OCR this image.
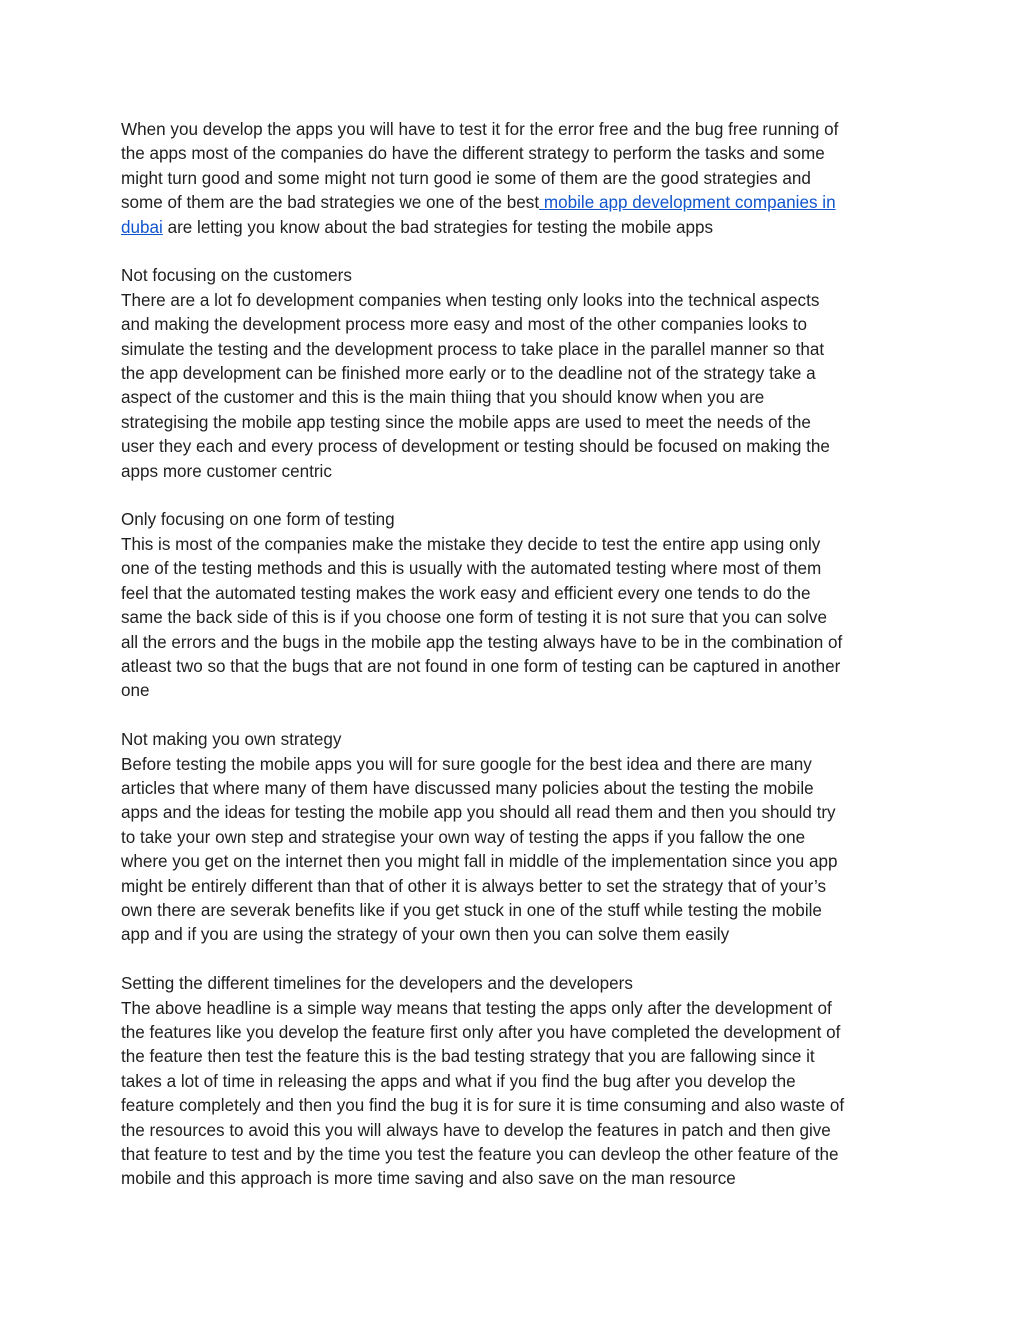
When you develop the apps you will have to test it for the error free and the bug free running of
the apps most of the companies do have the different strategy to perform the tasks and some
might turn good and some might not turn good ie some of them are the good strategies and
some of them are the bad strategies we one of the best mobile app development companies in
dubai are letting you know about the bad strategies for testing the mobile apps
Not focusing on the customers
There are a lot fo development companies when testing only looks into the technical aspects
and making the development process more easy and most of the other companies looks to
simulate the testing and the development process to take place in the parallel manner so that
the app development can be finished more early or to the deadline not of the strategy take a
aspect of the customer and this is the main thiing that you should know when you are
strategising the mobile app testing since the mobile apps are used to meet the needs of the
user they each and every process of development or testing should be focused on making the
apps more customer centric
Only focusing on one form of testing
This is most of the companies make the mistake they decide to test the entire app using only
one of the testing methods and this is usually with the automated testing where most of them
feel that the automated testing makes the work easy and efficient every one tends to do the
same the back side of this is if you choose one form of testing it is not sure that you can solve
all the errors and the bugs in the mobile app the testing always have to be in the combination of
atleast two so that the bugs that are not found in one form of testing can be captured in another
one
Not making you own strategy
Before testing the mobile apps you will for sure google for the best idea and there are many
articles that where many of them have discussed many policies about the testing the mobile
apps and the ideas for testing the mobile app you should all read them and then you should try
to take your own step and strategise your own way of testing the apps if you fallow the one
where you get on the internet then you might fall in middle of the implementation since you app
might be entirely different than that of other it is always better to set the strategy that of your’s
own there are severak benefits like if you get stuck in one of the stuff while testing the mobile
app and if you are using the strategy of your own then you can solve them easily
Setting the different timelines for the developers and the developers
The above headline is a simple way means that testing the apps only after the development of
the features like you develop the feature first only after you have completed the development of
the feature then test the feature this is the bad testing strategy that you are fallowing since it
takes a lot of time in releasing the apps and what if you find the bug after you develop the
feature completely and then you find the bug it is for sure it is time consuming and also waste of
the resources to avoid this you will always have to develop the features in patch and then give
that feature to test and by the time you test the feature you can devleop the other feature of the
mobile and this approach is more time saving and also save on the man resource
